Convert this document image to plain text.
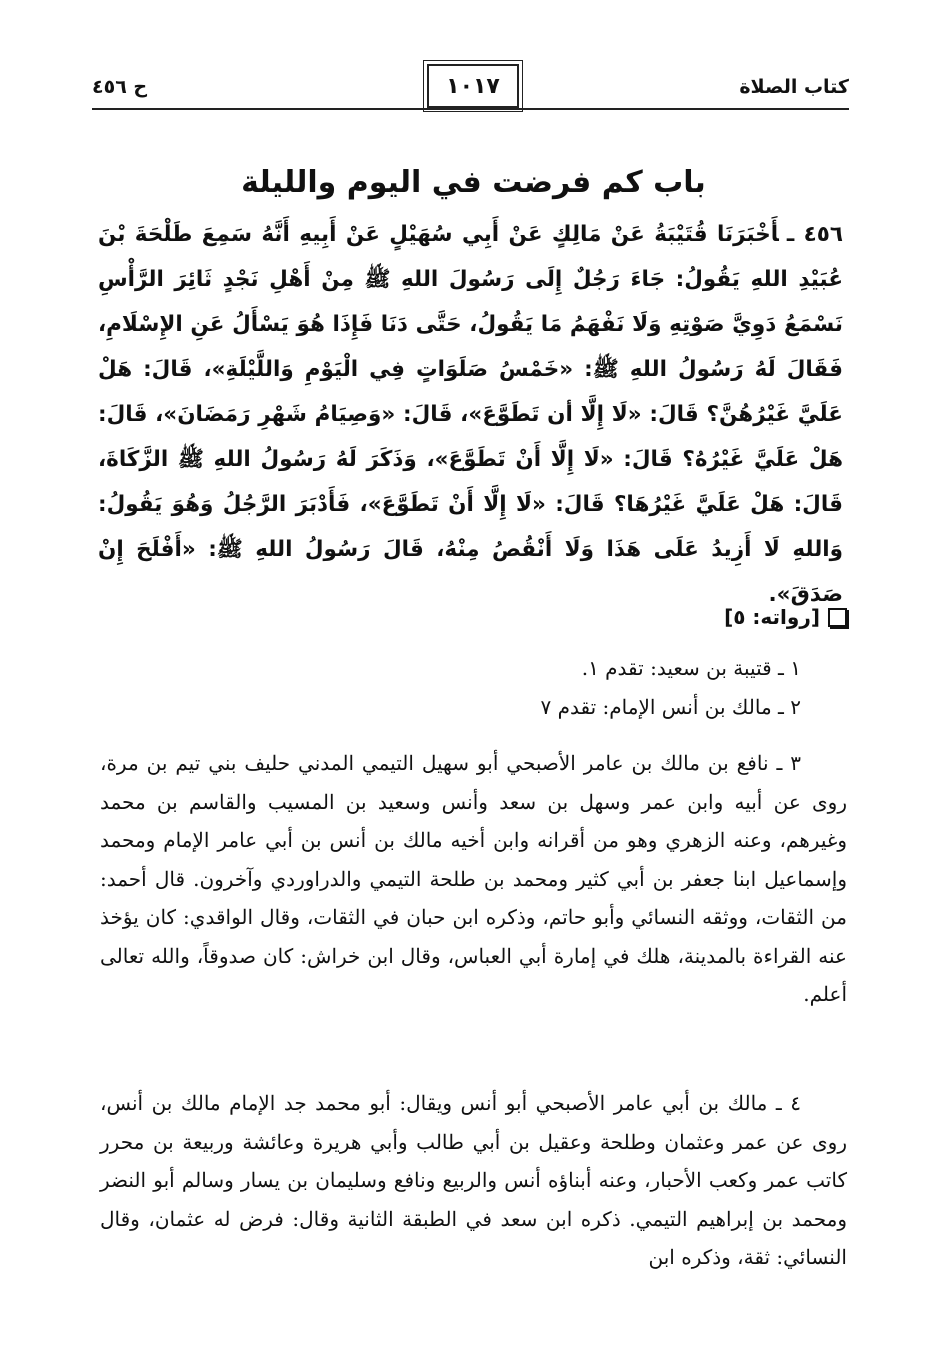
كتاب الصلاة
١٠١٧
ح ٤٥٦
باب كم فرضت في اليوم والليلة
٤٥٦ ـأَخْبَرَنَا قُتَيْبَةُ عَنْ مَالِكٍ عَنْ أَبِي سُهَيْلٍ عَنْ أَبِيهِ أَنَّهُ سَمِعَ طَلْحَةَ بْنَ عُبَيْدِ اللهِ يَقُولُ: جَاءَ رَجُلٌ إِلَى رَسُولَ اللهِ ﷺ مِنْ أَهْلِ نَجْدٍ ثَائِرَ الرَّأْسِ نَسْمَعُ دَوِيَّ صَوْتِهِ وَلَا نَفْهَمُ مَا يَقُولُ، حَتَّى دَنَا فَإِذَا هُوَ يَسْأَلُ عَنِ الإِسْلَامِ، فَقَالَ لَهُ رَسُولُ اللهِ ﷺ: «خَمْسُ صَلَوَاتٍ فِي الْيَوْمِ وَاللَّيْلَةِ»، قَالَ: هَلْ عَلَيَّ غَيْرُهُنَّ؟ قَالَ: «لَا إِلَّا أن تَطَوَّعَ»، قَالَ: «وَصِيَامُ شَهْرِ رَمَضَانَ»، قَالَ: هَلْ عَلَيَّ غَيْرُهُ؟ قَالَ: «لَا إِلَّا أَنْ تَطَوَّعَ»، وَذَكَرَ لَهُ رَسُولُ اللهِ ﷺ الزَّكَاةَ، قَالَ: هَلْ عَلَيَّ غَيْرُهَا؟ قَالَ: «لَا إِلَّا أَنْ تَطَوَّعَ»، فَأَدْبَرَ الرَّجُلُ وَهُوَ يَقُولُ: وَاللهِ لَا أَزِيدُ عَلَى هَذَا وَلَا أَنْقُصُ مِنْهُ، قَالَ رَسُولُ اللهِ ﷺ: «أَفْلَحَ إِنْ صَدَقَ».
[رواته: ٥]

١ ـ قتيبة بن سعيد: تقدم ١.

٢ ـ مالك بن أنس الإمام: تقدم ٧

٣ ـ نافع بن مالك بن عامر الأصبحي أبو سهيل التيمي المدني حليف بني تيم بن مرة، روى عن أبيه وابن عمر وسهل بن سعد وأنس وسعيد بن المسيب والقاسم بن محمد وغيرهم، وعنه الزهري وهو من أقرانه وابن أخيه مالك بن أنس بن أبي عامر الإمام ومحمد وإسماعيل ابنا جعفر بن أبي كثير ومحمد بن طلحة التيمي والدراوردي وآخرون. قال أحمد: من الثقات، ووثقه النسائي وأبو حاتم، وذكره ابن حبان في الثقات، وقال الواقدي: كان يؤخذ عنه القراءة بالمدينة، هلك في إمارة أبي العباس، وقال ابن خراش: كان صدوقاً، والله تعالى أعلم.

٤ ـ مالك بن أبي عامر الأصبحي أبو أنس ويقال: أبو محمد جد الإمام مالك بن أنس، روى عن عمر وعثمان وطلحة وعقيل بن أبي طالب وأبي هريرة وعائشة وربيعة بن محرر كاتب عمر وكعب الأحبار، وعنه أبناؤه أنس والربيع ونافع وسليمان بن يسار وسالم أبو النضر ومحمد بن إبراهيم التيمي. ذكره ابن سعد في الطبقة الثانية وقال: فرض له عثمان، وقال النسائي: ثقة، وذكره ابن
